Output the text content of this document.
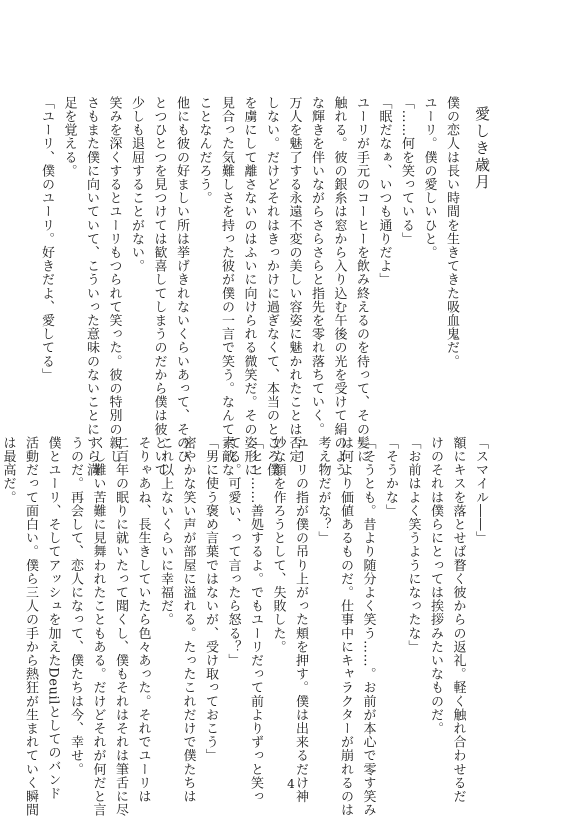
愛しき歳月
僕の恋人は長い時間を生きてきた吸血鬼だ。
ユーリ。僕の愛しいひと。
「……何を笑っている」
「眠だなぁ、いつも通りだよ」
ユーリが手元のコーヒーを飲み終えるのを待って、その髪に
触れる。彼の銀糸は窓から入り込む午後の光を受けて絹のよう
な輝きを伴いながらさらさらと指先を零れ落ちていく。
万人を魅了する永遠不変の美しい容姿に魅かれたことは否定
しない。だけどそれはきっかけに過ぎなくて、本当のところ僕
を虜にして離さないのはふいに向けられる微笑だ。その姿形に
見合った気難しさを持った彼が僕の一言で笑う。なんて素敵な
ことなんだろう。
他にも彼の好ましい所は挙げきれないくらいあって、そのひ
とつひとつを見つけては歓喜してしまうのだから僕は彼といて
少しも退屈することがない。
笑みを深くするとユーリもつられて笑った。彼の特別の親し
さもまた僕に向いていて、こういった意味のないことにすら満
足を覚える。
「ユーリ、僕のユーリ。好きだよ、愛してる」
「スマイル――」
額にキスを落とせば瞀く彼からの返礼。軽く触れ合わせるだ
けのそれは僕らにとっては挨拶みたいなものだ。
「お前はよく笑うようになったな」
「そうかな」
「そうとも。昔より随分よく笑う……。お前が本心で零す笑み
は何より価値あるものだ。仕事中にキャラクターが崩れるのは
考え物だがな？」
ユーリの指が僕の吊り上がった頬を押す。僕は出来るだけ神
妙な顔を作ろうとして、失敗した。
「ヒヒ……善処するよ。でもユーリだって前よりずっと笑っ
てる。可愛い、って言ったら怒る？」
「男に使う褒め言葉ではないが、受け取っておこう」
密やかな笑い声が部屋に溢れる。たったこれだけで僕たちは
これ以上ないくらいに幸福だ。
そりゃあね、長生きしていたら色々あった。それでユーリは
二百年の眠りに就いたって聞くし、僕もそれはそれは筆舌に尽
くし難い苦難に見舞われたこともある。だけどそれが何だと言
うのだ。再会して、恋人になって、僕たちは今、幸せ。
僕とユーリ、そしてアッシュを加えたDeuilとしてのバンド
活動だって面白い。僕ら三人の手から熱狂が生まれていく瞬間
は最高だ。
4
